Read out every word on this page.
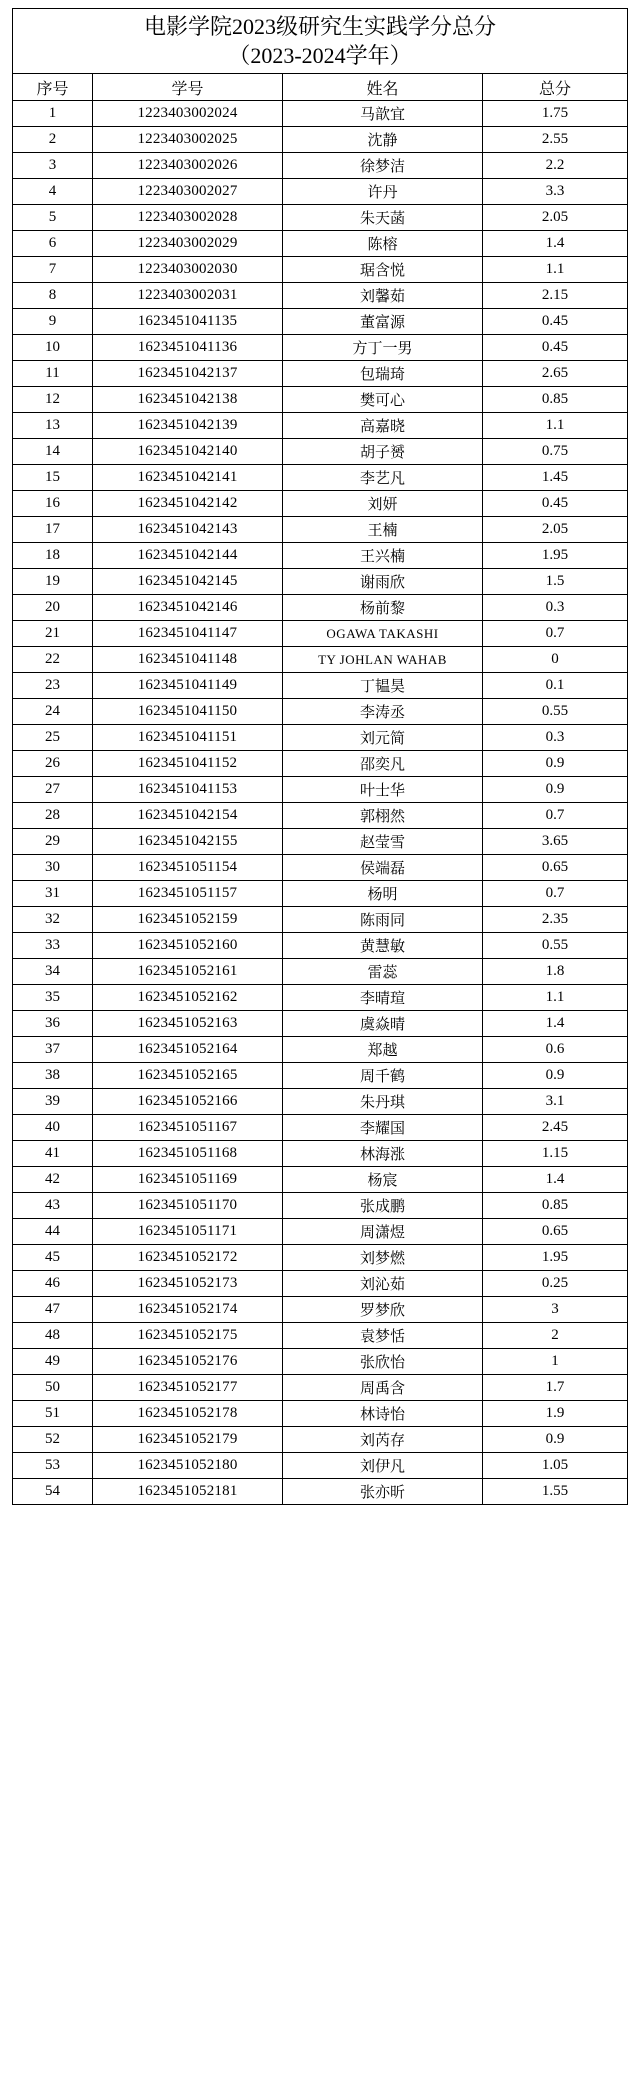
电影学院2023级研究生实践学分总分
（2023-2024学年）			

序号	学号	姓名	总分
1	1223403002024	马歆宜	1.75
2	1223403002025	沈静	2.55
3	1223403002026	徐梦洁	2.2
4	1223403002027	许丹	3.3
5	1223403002028	朱天菡	2.05
6	1223403002029	陈榕	1.4
7	1223403002030	琚含悦	1.1
8	1223403002031	刘馨茹	2.15
9	1623451041135	董富源	0.45
10	1623451041136	方丁一男	0.45
11	1623451042137	包瑞琦	2.65
12	1623451042138	樊可心	0.85
13	1623451042139	高嘉晓	1.1
14	1623451042140	胡子赟	0.75
15	1623451042141	李艺凡	1.45
16	1623451042142	刘妍	0.45
17	1623451042143	王楠	2.05
18	1623451042144	王兴楠	1.95
19	1623451042145	谢雨欣	1.5
20	1623451042146	杨前黎	0.3
21	1623451041147	OGAWA TAKASHI	0.7
22	1623451041148	TY JOHLAN WAHAB	0
23	1623451041149	丁韫昊	0.1
24	1623451041150	李涛丞	0.55
25	1623451041151	刘元简	0.3
26	1623451041152	邵奕凡	0.9
27	1623451041153	叶士华	0.9
28	1623451042154	郭栩然	0.7
29	1623451042155	赵莹雪	3.65
30	1623451051154	侯端磊	0.65
31	1623451051157	杨明	0.7
32	1623451052159	陈雨同	2.35
33	1623451052160	黄慧敏	0.55
34	1623451052161	雷蕊	1.8
35	1623451052162	李晴瑄	1.1
36	1623451052163	虞焱晴	1.4
37	1623451052164	郑越	0.6
38	1623451052165	周千鹤	0.9
39	1623451052166	朱丹琪	3.1
40	1623451051167	李耀国	2.45
41	1623451051168	林海涨	1.15
42	1623451051169	杨宸	1.4
43	1623451051170	张成鹏	0.85
44	1623451051171	周潇煜	0.65
45	1623451052172	刘梦燃	1.95
46	1623451052173	刘沁茹	0.25
47	1623451052174	罗梦欣	3
48	1623451052175	袁梦恬	2
49	1623451052176	张欣怡	1
50	1623451052177	周禹含	1.7
51	1623451052178	林诗怡	1.9
52	1623451052179	刘芮存	0.9
53	1623451052180	刘伊凡	1.05
54	1623451052181	张亦昕	1.55
